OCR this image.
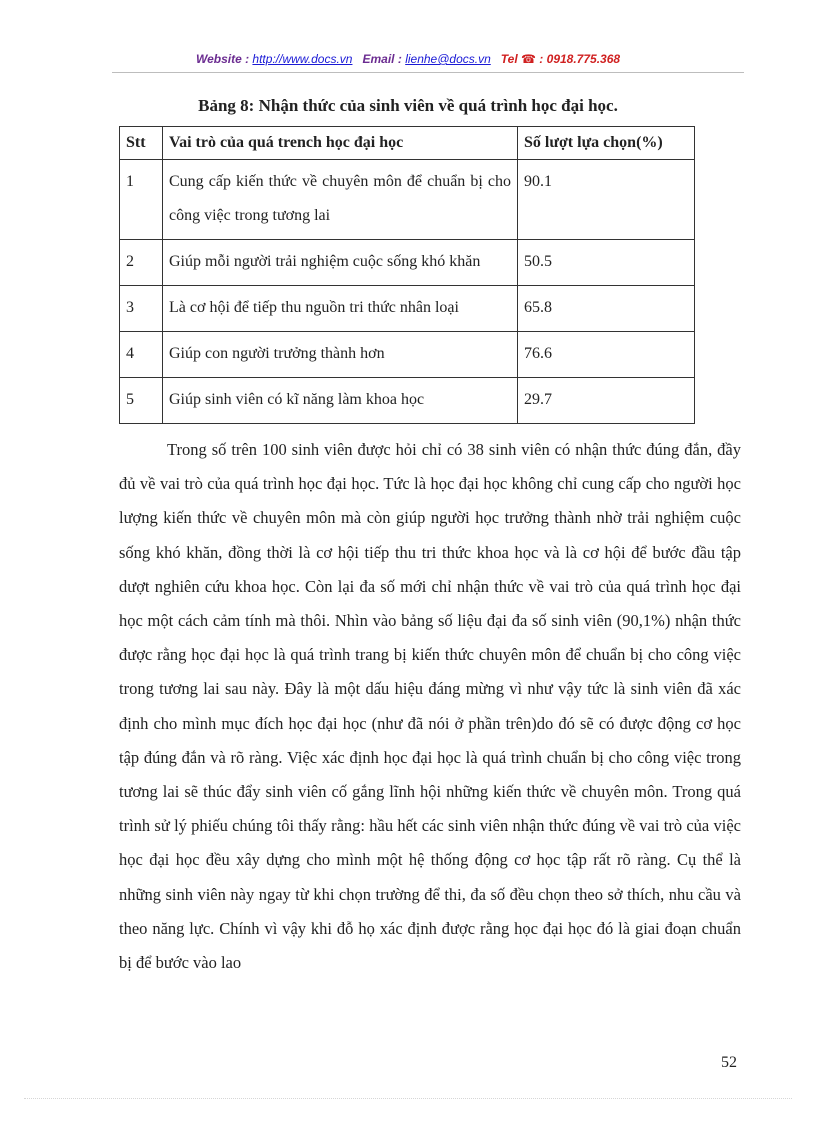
Website : http://www.docs.vn Email : lienhe@docs.vn Tel ☎ : 0918.775.368
Bảng 8: Nhận thức của sinh viên về quá trình học đại học.
Stt	Vai trò của quá trench học đại học	Số lượt lựa chọn(%)
1	Cung cấp kiến thức về chuyên môn để chuẩn bị cho công việc trong tương lai	90.1
2	Giúp mỗi người trải nghiệm cuộc sống khó khăn	50.5
3	Là cơ hội để tiếp thu nguồn tri thức nhân loại	65.8
4	Giúp con người trưởng thành hơn	76.6
5	Giúp sinh viên có kĩ năng làm khoa học	29.7

Trong số trên 100 sinh viên được hỏi chỉ có 38 sinh viên có nhận thức đúng đắn, đầy đủ về vai trò của quá trình học đại học. Tức là học đại học không chỉ cung cấp cho người học lượng kiến thức về chuyên môn mà còn giúp người học trưởng thành nhờ trải nghiệm cuộc sống khó khăn, đồng thời là cơ hội tiếp thu tri thức khoa học và là cơ hội để bước đầu tập dượt nghiên cứu khoa học. Còn lại đa số mới chỉ nhận thức về vai trò của quá trình học đại học một cách cảm tính mà thôi. Nhìn vào bảng số liệu đại đa số sinh viên (90,1%) nhận thức được rằng học đại học là quá trình trang bị kiến thức chuyên môn để chuẩn bị cho công việc trong tương lai sau này. Đây là một dấu hiệu đáng mừng vì như vậy tức là sinh viên đã xác định cho mình mục đích học đại học (như đã nói ở phần trên)do đó sẽ có được động cơ học tập đúng đắn và rõ ràng. Việc xác định học đại học là quá trình chuẩn bị cho công việc trong tương lai sẽ thúc đẩy sinh viên cố gắng lĩnh hội những kiến thức về chuyên môn. Trong quá trình sử lý phiếu chúng tôi thấy rằng: hầu hết các sinh viên nhận thức đúng về vai trò của việc học đại học đều xây dựng cho mình một hệ thống động cơ học tập rất rõ ràng. Cụ thể là những sinh viên này ngay từ khi chọn trường để thi, đa số đều chọn theo sở thích, nhu cầu và theo năng lực. Chính vì vậy khi đỗ họ xác định được rằng học đại học đó là giai đoạn chuẩn bị để bước vào lao

52
